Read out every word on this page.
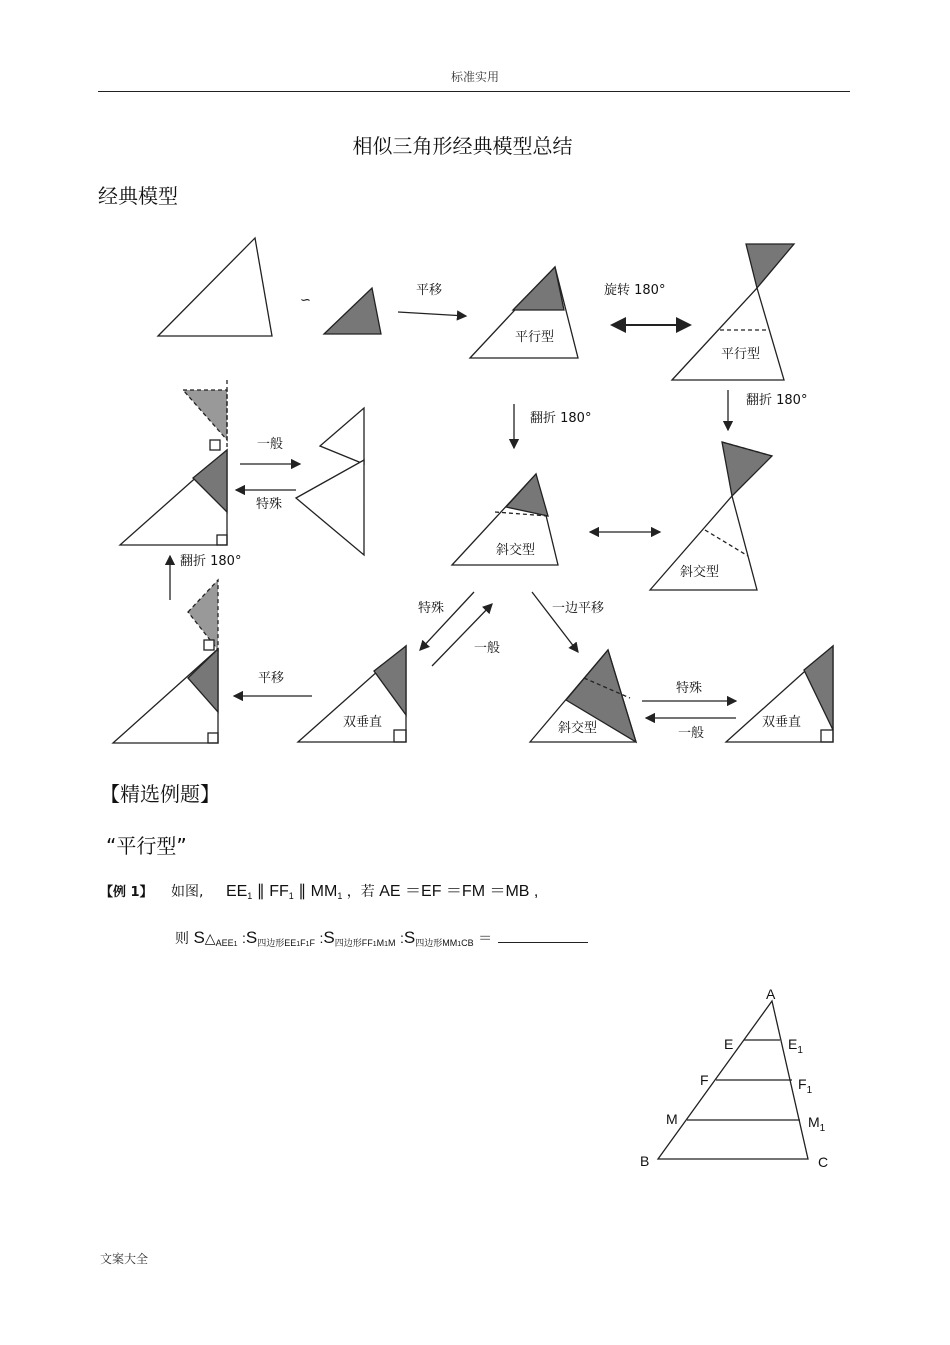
标准实用
相似三角形经典模型总结
经典模型
∽
平移
平行型
旋转 180°
平行型
翻折 180°
翻折 180°
斜交型
斜交型
一般
特殊
翻折 180°
平移
双垂直
特殊
一般
一边平移
斜交型
特殊
一般
双垂直
【精选例题】
“平行型”
【例 1】 如图, $EE_1$ ∥ $FF_1$ ∥ $MM_1$ ，若 AE ＝EF ＝FM ＝MB ,
则 $S\triangle_{AEE1}$ $:S_{四边形EE1F1F}$ $:S_{四边形FF1M1M}$ $:S_{四边形MM1CB}$ ＝
A
E	$E_1$
F	$F_1$
M	$M_1$
B	C
文案大全
